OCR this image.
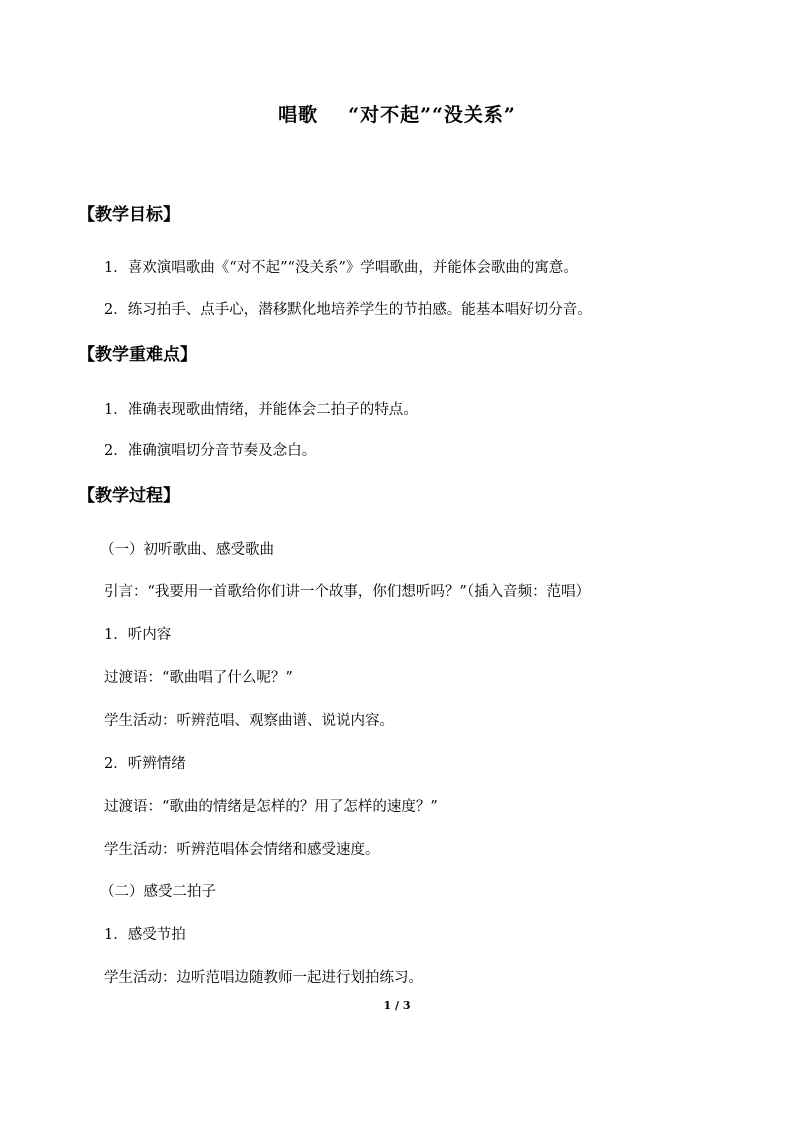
唱歌 “对不起”“没关系”
【教学目标】
1．喜欢演唱歌曲《“对不起”“没关系”》学唱歌曲，并能体会歌曲的寓意。
2．练习拍手、点手心，潜移默化地培养学生的节拍感。能基本唱好切分音。
【教学重难点】
1．准确表现歌曲情绪，并能体会二拍子的特点。
2．准确演唱切分音节奏及念白。
【教学过程】
（一）初听歌曲、感受歌曲
引言：“我要用一首歌给你们讲一个故事，你们想听吗？”（插入音频：范唱）
1．听内容
过渡语：“歌曲唱了什么呢？”
学生活动：听辨范唱、观察曲谱、说说内容。
2．听辨情绪
过渡语：“歌曲的情绪是怎样的？用了怎样的速度？”
学生活动：听辨范唱体会情绪和感受速度。
（二）感受二拍子
1．感受节拍
学生活动：边听范唱边随教师一起进行划拍练习。
1 / 3
